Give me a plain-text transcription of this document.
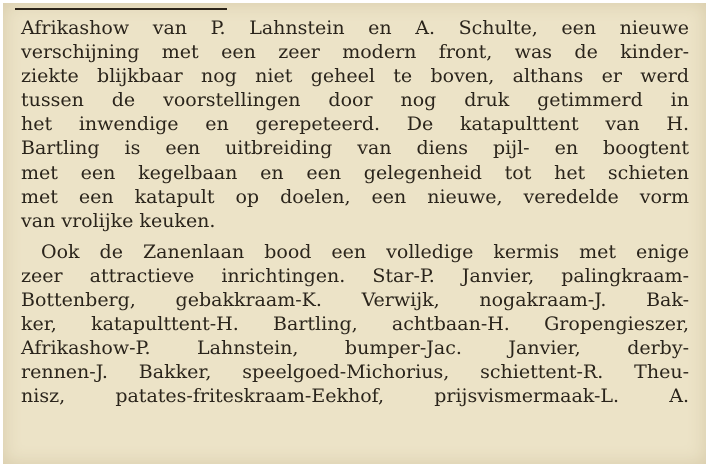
Afrikashow van P. Lahnstein en A. Schulte, een nieuwe
verschijning met een zeer modern front, was de kinder-
ziekte blijkbaar nog niet geheel te boven, althans er werd
tussen de voorstellingen door nog druk getimmerd in
het inwendige en gerepeteerd. De katapulttent van H.
Bartling is een uitbreiding van diens pijl- en boogtent
met een kegelbaan en een gelegenheid tot het schieten
met een katapult op doelen, een nieuwe, veredelde vorm
van vrolijke keuken.

Ook de Zanenlaan bood een volledige kermis met enige
zeer attractieve inrichtingen. Star-P. Janvier, palingkraam-
Bottenberg, gebakkraam-K. Verwijk, nogakraam-J. Bak-
ker, katapulttent-H. Bartling, achtbaan-H. Gropengieszer,
Afrikashow-P. Lahnstein, bumper-Jac. Janvier, derby-
rennen-J. Bakker, speelgoed-Michorius, schiettent-R. Theu-
nisz, patates-friteskraam-Eekhof, prijsvismermaak-L. A.
